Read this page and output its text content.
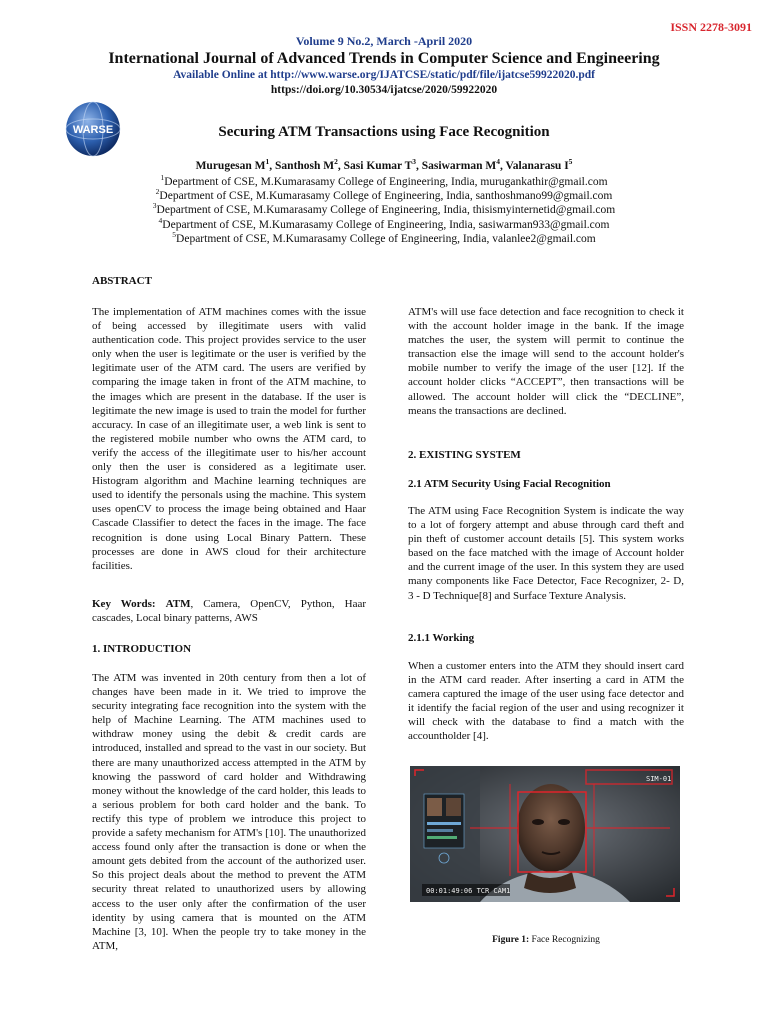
ISSN 2278-3091
Volume 9 No.2, March -April 2020
International Journal of Advanced Trends in Computer Science and Engineering
Available Online at http://www.warse.org/IJATCSE/static/pdf/file/ijatcse59922020.pdf
https://doi.org/10.30534/ijatcse/2020/59922020
WARSE	Securing ATM Transactions using Face Recognition
Murugesan $M^1$, Santhosh $M^2$, Sasi Kumar $T^3$, Sasiwarman $M^4$, Valanarasu $I^5$
$^1$Department of CSE, M.Kumarasamy College of Engineering, India, murugankathir@gmail.com
$^2$Department of CSE, M.Kumarasamy College of Engineering, India, santhoshmano99@gmail.com
$^3$Department of CSE, M.Kumarasamy College of Engineering, India, thisismyinternetid@gmail.com
$^4$Department of CSE, M.Kumarasamy College of Engineering, India, sasiwarman933@gmail.com
$^5$Department of CSE, M.Kumarasamy College of Engineering, India, valanlee2@gmail.com
ABSTRACT
The implementation of ATM machines comes with the issue of being accessed by illegitimate users with valid authentication code. This project provides service to the user only when the user is legitimate or the user is verified by the legitimate user of the ATM card. The users are verified by comparing the image taken in front of the ATM machine, to the images which are present in the database. If the user is legitimate the new image is used to train the model for further accuracy. In case of an illegitimate user, a web link is sent to the registered mobile number who owns the ATM card, to verify the access of the illegitimate user to his/her account only then the user is considered as a legitimate user. Histogram algorithm and Machine learning techniques are used to identify the personals using the machine. This system uses openCV to process the image being obtained and Haar Cascade Classifier to detect the faces in the image. The face recognition is done using Local Binary Pattern. These processes are done in AWS cloud for their architecture facilities.
Key Words: ATM, Camera, OpenCV, Python, Haar cascades, Local binary patterns, AWS
1. INTRODUCTION
The ATM was invented in 20th century from then a lot of changes have been made in it. We tried to improve the security integrating face recognition into the system with the help of Machine Learning. The ATM machines used to withdraw money using the debit & credit cards are introduced, installed and spread to the vast in our society. But there are many unauthorized access attempted in the ATM by knowing the password of card holder and Withdrawing money without the knowledge of the card holder, this leads to a serious problem for both card holder and the bank. To rectify this type of problem we introduce this project to provide a safety mechanism for ATM's [10]. The unauthorized access found only after the transaction is done or when the amount gets debited from the account of the authorized user. So this project deals about the method to prevent the ATM security threat related to unauthorized users by allowing access to the user only after the confirmation of the user identity by using camera that is mounted on the ATM Machine [3, 10]. When the people try to take money in the ATM,
ATM's will use face detection and face recognition to check it with the account holder image in the bank. If the image matches the user, the system will permit to continue the transaction else the image will send to the account holder's mobile number to verify the image of the user [12]. If the account holder clicks “ACCEPT”, then transactions will be allowed. The account holder will click the “DECLINE”, means the transactions are declined.
2. EXISTING SYSTEM
2.1 ATM Security Using Facial Recognition
The ATM using Face Recognition System is indicate the way to a lot of forgery attempt and abuse through card theft and pin theft of customer account details [5]. This system works based on the face matched with the image of Account holder and the current image of the user. In this system they are used many components like Face Detector, Face Recognizer, 2- D, 3 - D Technique[8] and Surface Texture Analysis.
2.1.1 Working
When a customer enters into the ATM they should insert card in the ATM card reader. After inserting a card in ATM the camera captured the image of the user using face detector and it identify the facial region of the user and using recognizer it will check with the database to find a match with the accountholder [4].
SIM-01
00:01:49:06 TCR CAM1
Figure 1: Face Recognizing
